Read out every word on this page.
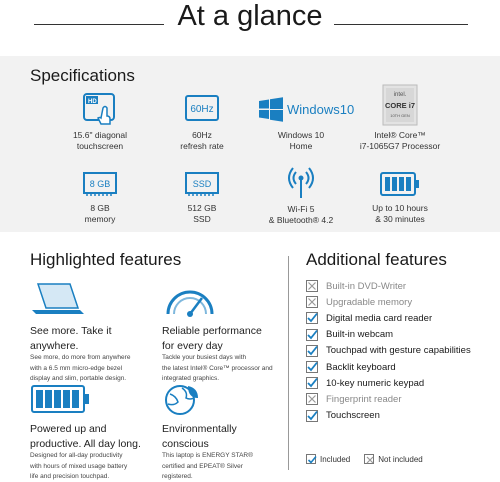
At a glance
Specifications
HD
15.6" diagonal
touchscreen
60Hz
60Hz
refresh rate
Windows10
Windows 10
Home
intel.
CORE i7
10TH GEN
Intel® Core™
i7-1065G7 Processor
8 GB
8 GB
memory
SSD
512 GB
SSD
Wi-Fi 5
& Bluetooth® 4.2
Up to 10 hours
& 30 minutes
Highlighted features
See more. Take it
anywhere.
See more, do more from anywhere
with a 6.5 mm micro-edge bezel
display and slim, portable design.
Reliable performance
for every day
Tackle your busiest days with
the latest Intel® Core™ processor and
integrated graphics.
Powered up and
productive. All day long.
Designed for all-day productivity
with hours of mixed usage battery
life and precision touchpad.
Environmentally
conscious
This laptop is ENERGY STAR®
certified and EPEAT® Silver
registered.
Additional features
Built-in DVD-Writer
Upgradable memory
Digital media card reader
Built-in webcam
Touchpad with gesture capabilities
Backlit keyboard
10-key numeric keypad
Fingerprint reader
Touchscreen
Included	Not included
